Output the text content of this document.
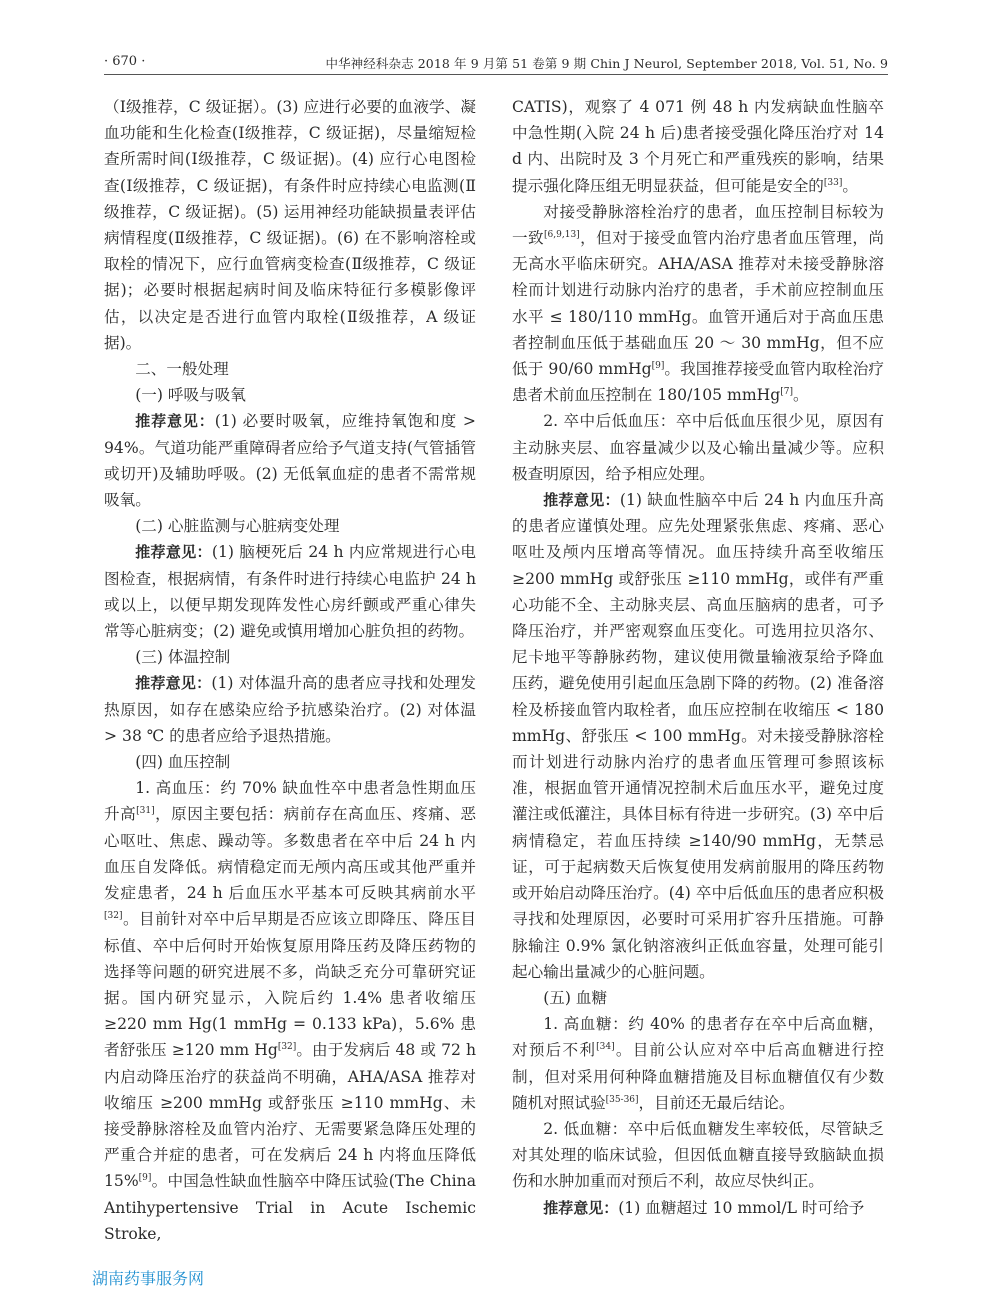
· 670 ·	中华神经科杂志 2018 年 9 月第 51 卷第 9 期 Chin J Neurol, September 2018, Vol. 51, No. 9

（Ⅰ级推荐，C 级证据）。(3) 应进行必要的血液学、凝血功能和生化检查(Ⅰ级推荐，C 级证据)，尽量缩短检查所需时间(Ⅰ级推荐，C 级证据)。(4) 应行心电图检查(Ⅰ级推荐，C 级证据)，有条件时应持续心电监测(Ⅱ级推荐，C 级证据)。(5) 运用神经功能缺损量表评估病情程度(Ⅱ级推荐，C 级证据)。(6) 在不影响溶栓或取栓的情况下，应行血管病变检查(Ⅱ级推荐，C 级证据)；必要时根据起病时间及临床特征行多模影像评估，以决定是否进行血管内取栓(Ⅱ级推荐，A 级证据)。

二、一般处理

(一) 呼吸与吸氧

推荐意见：(1) 必要时吸氧，应维持氧饱和度 > 94%。气道功能严重障碍者应给予气道支持(气管插管或切开)及辅助呼吸。(2) 无低氧血症的患者不需常规吸氧。

(二) 心脏监测与心脏病变处理

推荐意见：(1) 脑梗死后 24 h 内应常规进行心电图检查，根据病情，有条件时进行持续心电监护 24 h 或以上，以便早期发现阵发性心房纤颤或严重心律失常等心脏病变；(2) 避免或慎用增加心脏负担的药物。

(三) 体温控制

推荐意见：(1) 对体温升高的患者应寻找和处理发热原因，如存在感染应给予抗感染治疗。(2) 对体温 > 38 ℃ 的患者应给予退热措施。

(四) 血压控制

1. 高血压：约 70% 缺血性卒中患者急性期血压升高[31]，原因主要包括：病前存在高血压、疼痛、恶心呕吐、焦虑、躁动等。多数患者在卒中后 24 h 内血压自发降低。病情稳定而无颅内高压或其他严重并发症患者，24 h 后血压水平基本可反映其病前水平[32]。目前针对卒中后早期是否应该立即降压、降压目标值、卒中后何时开始恢复原用降压药及降压药物的选择等问题的研究进展不多，尚缺乏充分可靠研究证据。国内研究显示，入院后约 1.4% 患者收缩压 ≥220 mm Hg(1 mmHg = 0.133 kPa)，5.6% 患者舒张压 ≥120 mm Hg[32]。由于发病后 48 或 72 h 内启动降压治疗的获益尚不明确，AHA/ASA 推荐对收缩压 ≥200 mmHg 或舒张压 ≥110 mmHg、未接受静脉溶栓及血管内治疗、无需要紧急降压处理的严重合并症的患者，可在发病后 24 h 内将血压降低 15%[9]。中国急性缺血性脑卒中降压试验(The China Antihypertensive Trial in Acute Ischemic Stroke,

CATIS)，观察了 4 071 例 48 h 内发病缺血性脑卒中急性期(入院 24 h 后)患者接受强化降压治疗对 14 d 内、出院时及 3 个月死亡和严重残疾的影响，结果提示强化降压组无明显获益，但可能是安全的[33]。

对接受静脉溶栓治疗的患者，血压控制目标较为一致[6,9,13]，但对于接受血管内治疗患者血压管理，尚无高水平临床研究。AHA/ASA 推荐对未接受静脉溶栓而计划进行动脉内治疗的患者，手术前应控制血压水平 ≤ 180/110 mmHg。血管开通后对于高血压患者控制血压低于基础血压 20 ～ 30 mmHg，但不应低于 90/60 mmHg[9]。我国推荐接受血管内取栓治疗患者术前血压控制在 180/105 mmHg[7]。

2. 卒中后低血压：卒中后低血压很少见，原因有主动脉夹层、血容量减少以及心输出量减少等。应积极查明原因，给予相应处理。

推荐意见：(1) 缺血性脑卒中后 24 h 内血压升高的患者应谨慎处理。应先处理紧张焦虑、疼痛、恶心呕吐及颅内压增高等情况。血压持续升高至收缩压 ≥200 mmHg 或舒张压 ≥110 mmHg，或伴有严重心功能不全、主动脉夹层、高血压脑病的患者，可予降压治疗，并严密观察血压变化。可选用拉贝洛尔、尼卡地平等静脉药物，建议使用微量输液泵给予降血压药，避免使用引起血压急剧下降的药物。(2) 准备溶栓及桥接血管内取栓者，血压应控制在收缩压 < 180 mmHg、舒张压 < 100 mmHg。对未接受静脉溶栓而计划进行动脉内治疗的患者血压管理可参照该标准，根据血管开通情况控制术后血压水平，避免过度灌注或低灌注，具体目标有待进一步研究。(3) 卒中后病情稳定，若血压持续 ≥140/90 mmHg，无禁忌证，可于起病数天后恢复使用发病前服用的降压药物或开始启动降压治疗。(4) 卒中后低血压的患者应积极寻找和处理原因，必要时可采用扩容升压措施。可静脉输注 0.9% 氯化钠溶液纠正低血容量，处理可能引起心输出量减少的心脏问题。

(五) 血糖

1. 高血糖：约 40% 的患者存在卒中后高血糖，对预后不利[34]。目前公认应对卒中后高血糖进行控制，但对采用何种降血糖措施及目标血糖值仅有少数随机对照试验[35-36]，目前还无最后结论。

2. 低血糖：卒中后低血糖发生率较低，尽管缺乏对其处理的临床试验，但因低血糖直接导致脑缺血损伤和水肿加重而对预后不利，故应尽快纠正。

推荐意见：(1) 血糖超过 10 mmol/L 时可给予

湖南药事服务网
